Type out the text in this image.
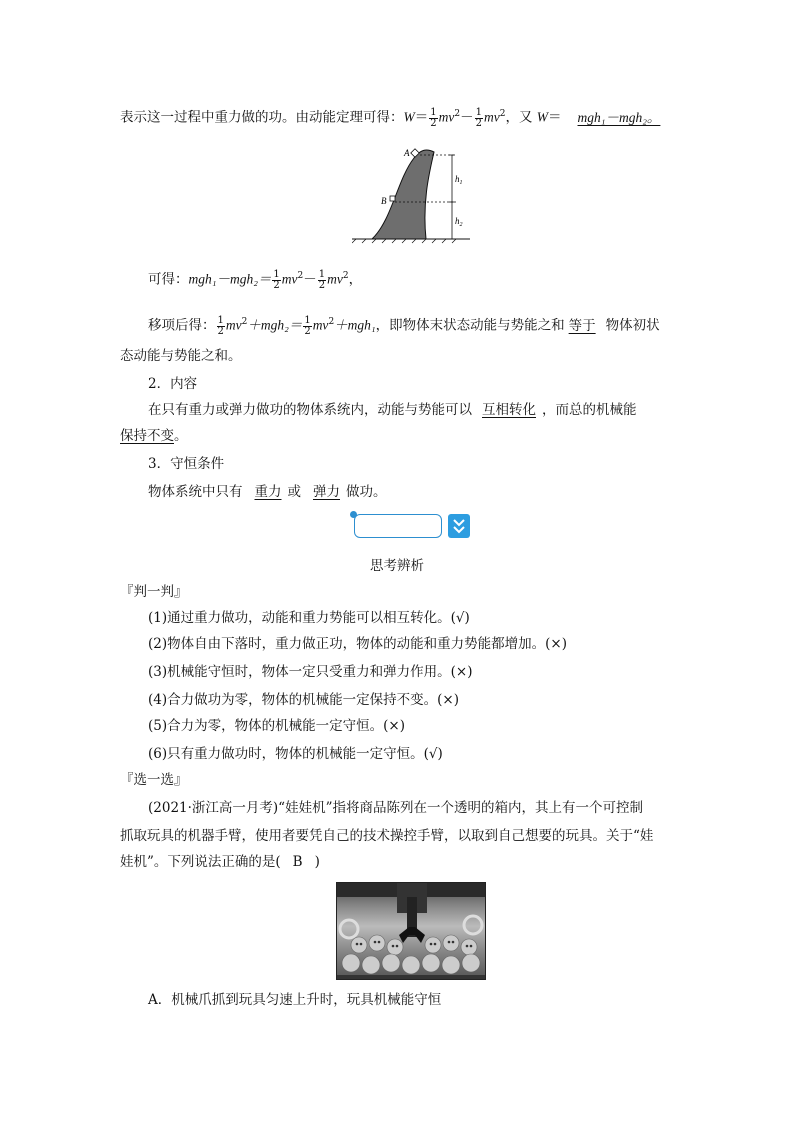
表示这一过程中重力做的功。由动能定理可得：$W= \frac{1}{2} mv^2- \frac{1}{2} mv^2$，又 W＝ mgh₁－mgh₂。
A
B
$h_1$
$h_2$
可得：$mgh_1-mgh_2= \frac{1}{2} mv^2- \frac{1}{2} mv^2$，
移项后得： $\frac{1}{2} mv^2+mgh_2= \frac{1}{2} mv^2+mgh_1$，即物体末状态动能与势能之和 等于 物体初状
态动能与势能之和。
2．内容
在只有重力或弹力做功的物体系统内，动能与势能可以 互相转化 ，而总的机械能
保持不变。
3．守恒条件
物体系统中只有 重力 或 弹力 做功。
思考辨析
『判一判』
(1)通过重力做功，动能和重力势能可以相互转化。(√)
(2)物体自由下落时，重力做正功，物体的动能和重力势能都增加。(×)
(3)机械能守恒时，物体一定只受重力和弹力作用。(×)
(4)合力做功为零，物体的机械能一定保持不变。(×)
(5)合力为零，物体的机械能一定守恒。(×)
(6)只有重力做功时，物体的机械能一定守恒。(√)
『选一选』
(2021·浙江高一月考)“娃娃机”指将商品陈列在一个透明的箱内，其上有一个可控制
抓取玩具的机器手臂，使用者要凭自己的技术操控手臂，以取到自己想要的玩具。关于“娃
娃机”。下列说法正确的是( B )
A．机械爪抓到玩具匀速上升时，玩具机械能守恒
